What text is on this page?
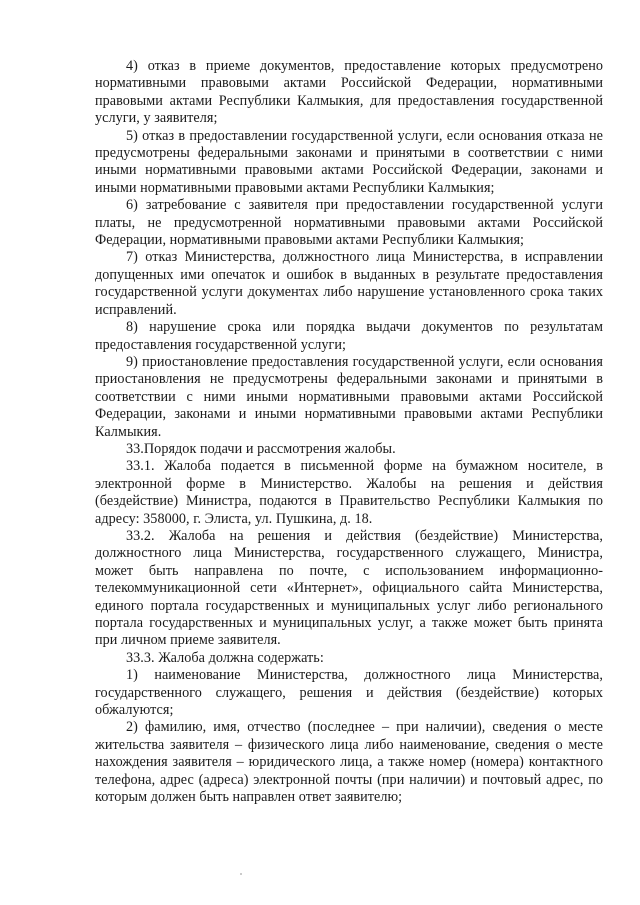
4) отказ в приеме документов, предоставление которых предусмотрено нормативными правовыми актами Российской Федерации, нормативными правовыми актами Республики Калмыкия, для предоставления государственной услуги, у заявителя;

5) отказ в предоставлении государственной услуги, если основания отказа не предусмотрены федеральными законами и принятыми в соответствии с ними иными нормативными правовыми актами Российской Федерации, законами и иными нормативными правовыми актами Республики Калмыкия;

6) затребование с заявителя при предоставлении государственной услуги платы, не предусмотренной нормативными правовыми актами Российской Федерации, нормативными правовыми актами Республики Калмыкия;

7) отказ Министерства, должностного лица Министерства, в исправлении допущенных ими опечаток и ошибок в выданных в результате предоставления государственной услуги документах либо нарушение установленного срока таких исправлений.

8) нарушение срока или порядка выдачи документов по результатам предоставления государственной услуги;

9) приостановление предоставления государственной услуги, если основания приостановления не предусмотрены федеральными законами и принятыми в соответствии с ними иными нормативными правовыми актами Российской Федерации, законами и иными нормативными правовыми актами Республики Калмыкия.

33.Порядок подачи и рассмотрения жалобы.

33.1. Жалоба подается в письменной форме на бумажном носителе, в электронной форме в Министерство. Жалобы на решения и действия (бездействие) Министра, подаются в Правительство Республики Калмыкия по адресу: 358000, г. Элиста, ул. Пушкина, д. 18.

33.2. Жалоба на решения и действия (бездействие) Министерства, должностного лица Министерства, государственного служащего, Министра, может быть направлена по почте, с использованием информационно-телекоммуникационной сети «Интернет», официального сайта Министерства, единого портала государственных и муниципальных услуг либо регионального портала государственных и муниципальных услуг, а также может быть принята при личном приеме заявителя.

33.3. Жалоба должна содержать:

1) наименование Министерства, должностного лица Министерства, государственного служащего, решения и действия (бездействие) которых обжалуются;

2) фамилию, имя, отчество (последнее – при наличии), сведения о месте жительства заявителя – физического лица либо наименование, сведения о месте нахождения заявителя – юридического лица, а также номер (номера) контактного телефона, адрес (адреса) электронной почты (при наличии) и почтовый адрес, по которым должен быть направлен ответ заявителю;
